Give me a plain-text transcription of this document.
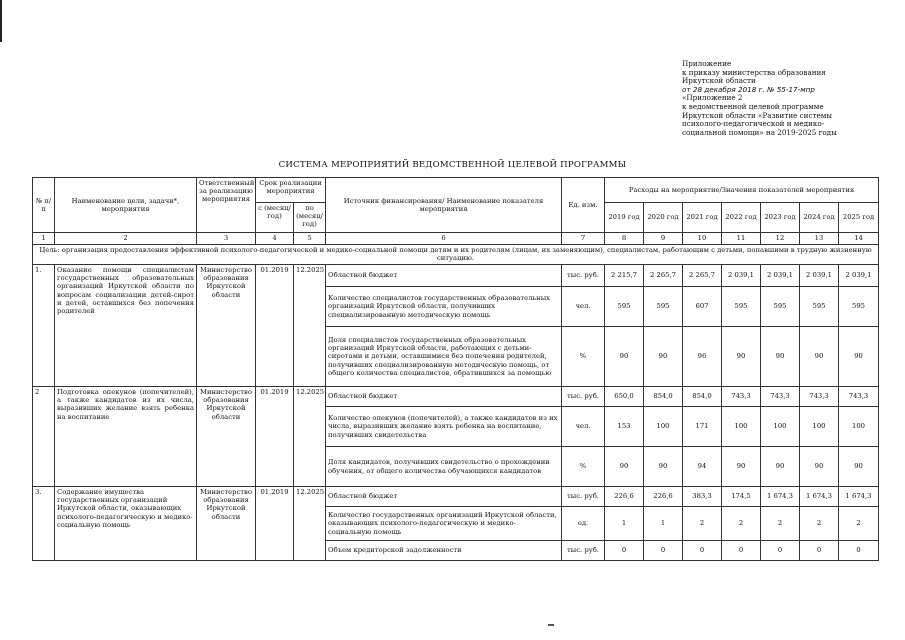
Приложение
к приказу министерства образования
Иркутской области
от 28 декабря 2018 г. № 55-17-мпр
«Приложение 2
к ведомственной целевой программе
Иркутской области «Развитие системы
психолого-педагогической и медико-
социальной помощи» на 2019-2025 годы
СИСТЕМА МЕРОПРИЯТИЙ ВЕДОМСТВЕННОЙ ЦЕЛЕВОЙ ПРОГРАММЫ
№ п/п	Наименование цели, задачи*, мероприятия	Ответственный за реализацию мероприятия	Срок реализации мероприятия		Источник финансирования/ Наименование показателя мероприятия	Ед. изм.	Расходы на мероприятие/Значения показателей мероприятия						
			с (месяц/ год)	по (месяц/ год)			2019 год	2020 год	2021 год	2022 год	2023 год	2024 год	2025 год

1	2	3	4	5	6	7	8	9	10	11	12	13	14
Цель: организация предоставления эффективной психолого-педагогической и медико-социальной помощи детям и их родителям (лицам, их заменяющим), специалистам, работающим с детьми, попавшими в трудную жизненную ситуацию.													
1.	Оказание помощи специалистам государственных образовательных организаций Иркутской области по вопросам социализации детей-сирот и детей, оставшихся без попечения родителей	Министерство образования Иркутской области	01.2019	12.2025	Областной бюджет	тыс. руб.	2 215,7	2 265,7	2 265,7	2 039,1	2 039,1	2 039,1	2 039,1
					Количество специалистов государственных образовательных организаций Иркутской области, получивших специализированную методическую помощь	чел.	595	595	607	595	595	595	595
					Доля специалистов государственных образовательных организаций Иркутской области, работающих с детьми-сиротами и детьми, оставшимися без попечения родителей, получивших специализированную методическую помощь, от общего количества специалистов, обратившихся за помощью	%	90	90	96	90	90	90	90
2	Подготовка опекунов (попечителей), а также кандидатов из их числа, выразивших желание взять ребенка на воспитание	Министерство образования Иркутской области	01.2019	12.2025	Областной бюджет	тыс. руб.	650,0	854,0	854,0	743,3	743,3	743,3	743,3
					Количество опекунов (попечителей), а также кандидатов из их числа, выразивших желание взять ребенка на воспитание, получивших свидетельства	чел.	153	100	171	100	100	100	100
					Доля кандидатов, получивших свидетельство о прохождении обучения, от общего количества обучающихся кандидатов	%	90	90	94	90	90	90	90
3.	Содержание имущества государственных организаций Иркутской области, оказывающих психолого-педагогическую и медико-социальную помощь	Министерство образования Иркутской области	01.2019	12.2025	Областной бюджет	тыс. руб.	226,6	226,6	383,3	174,5	1 674,3	1 674,3	1 674,3
					Количество государственных организаций Иркутской области, оказывающих психолого-педагогическую и медико-социальную помощь	ед.	1	1	2	2	2	2	2
					Объем кредиторской задолженности	тыс. руб.	0	0	0	0	0	0	0
